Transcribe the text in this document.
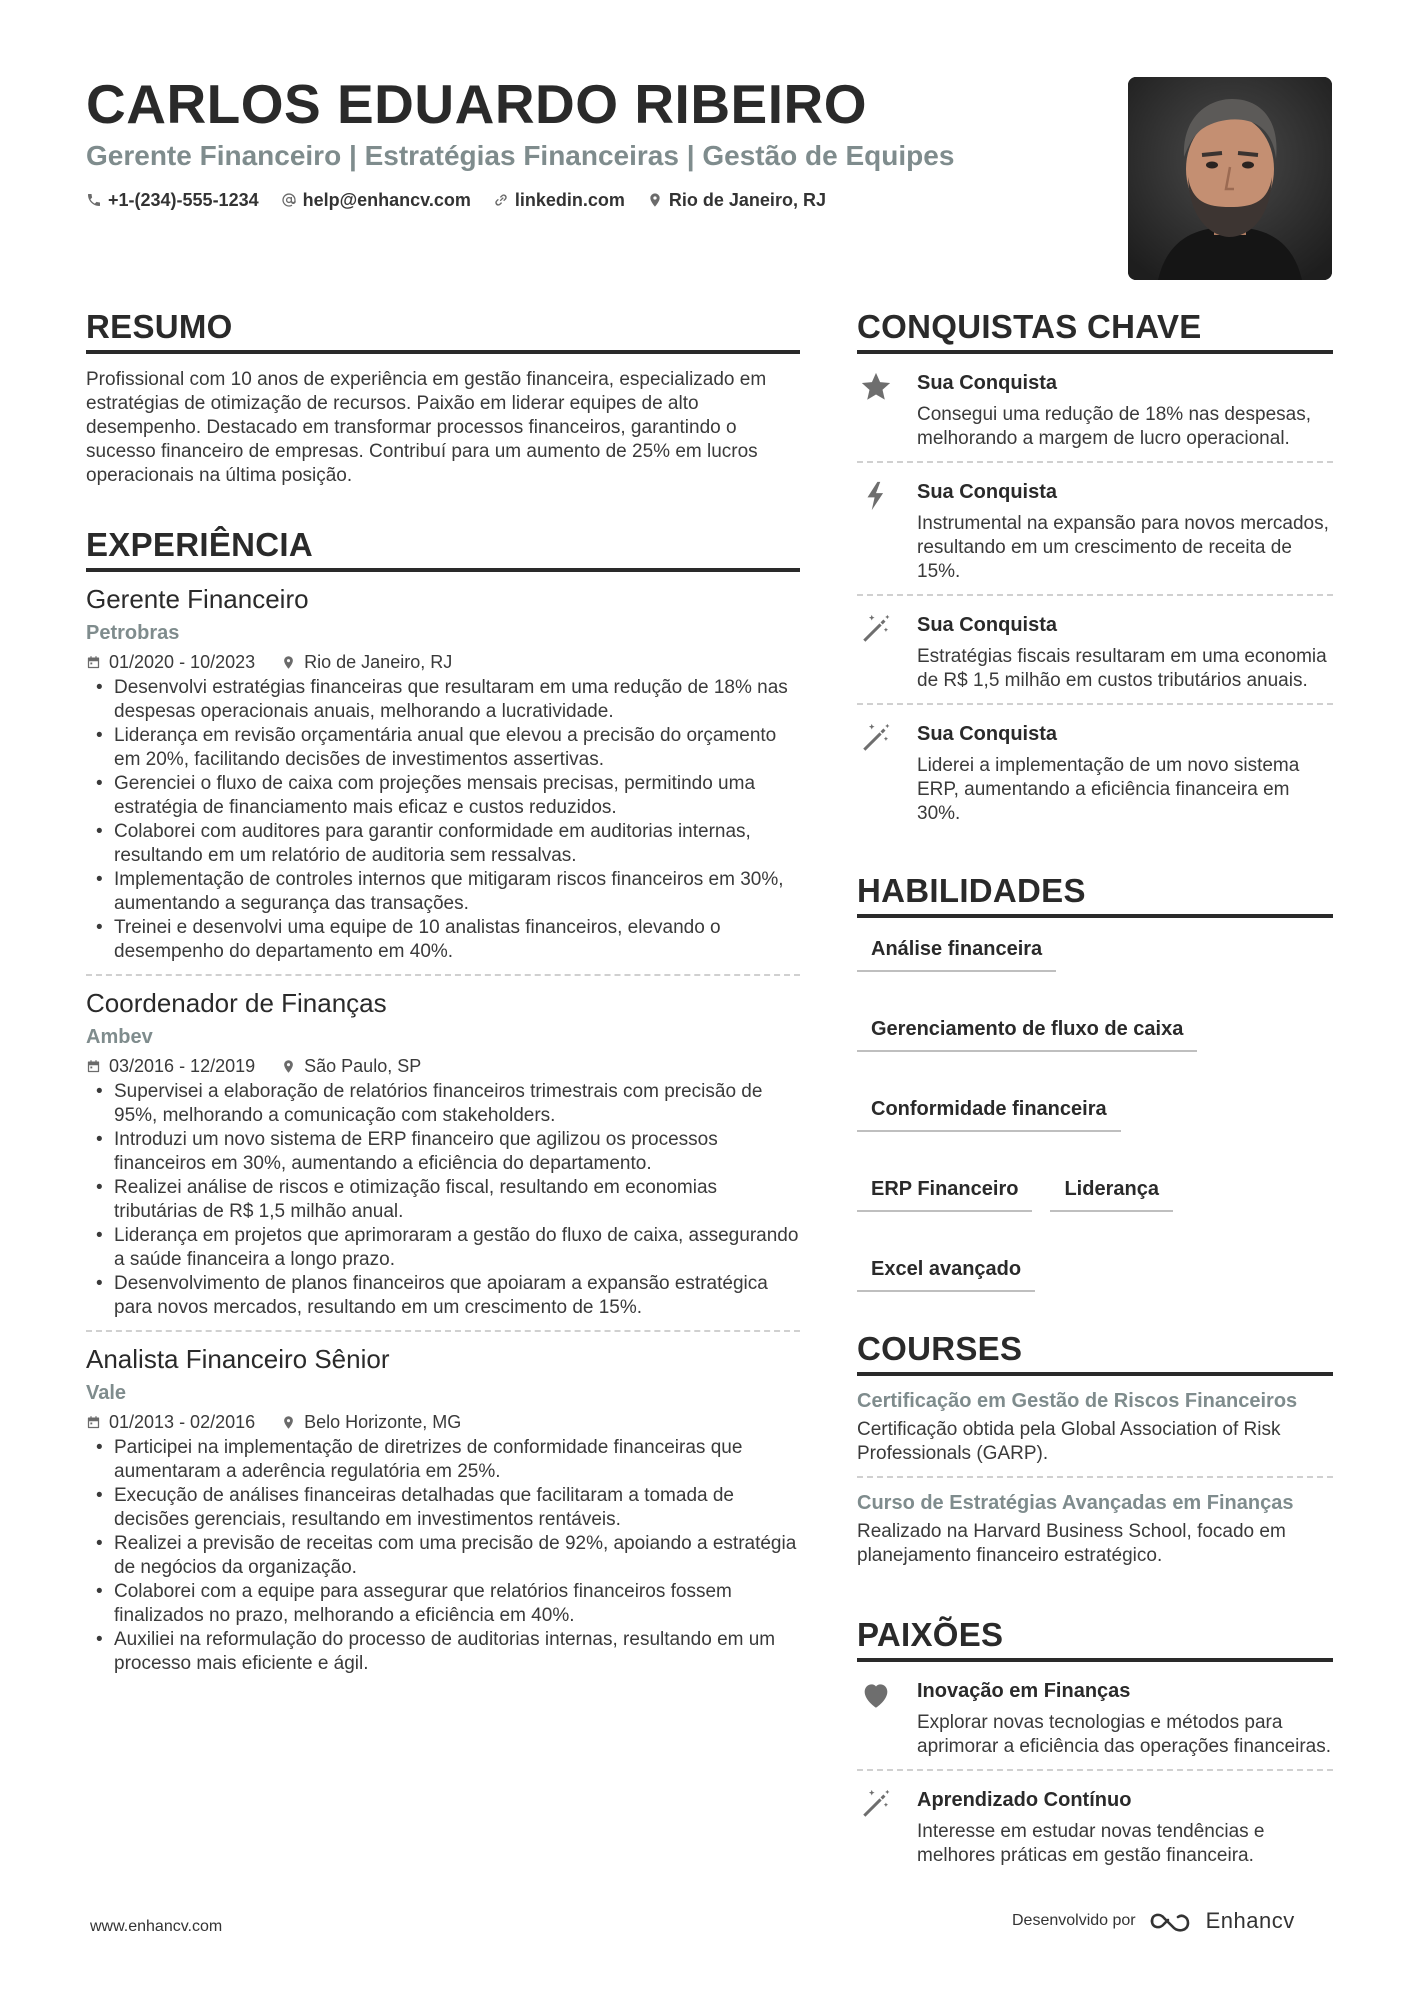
CARLOS EDUARDO RIBEIRO
Gerente Financeiro | Estratégias Financeiras | Gestão de Equipes
+1-(234)-555-1234 help@enhancv.com linkedin.com Rio de Janeiro, RJ
RESUMO

Profissional com 10 anos de experiência em gestão financeira, especializado em estratégias de otimização de recursos. Paixão em liderar equipes de alto desempenho. Destacado em transformar processos financeiros, garantindo o sucesso financeiro de empresas. Contribuí para um aumento de 25% em lucros operacionais na última posição.

EXPERIÊNCIA
Gerente Financeiro
Petrobras
01/2020 - 10/2023	Rio de Janeiro, RJ
• Desenvolvi estratégias financeiras que resultaram em uma redução de 18% nas despesas operacionais anuais, melhorando a lucratividade.
• Liderança em revisão orçamentária anual que elevou a precisão do orçamento em 20%, facilitando decisões de investimentos assertivas.
• Gerenciei o fluxo de caixa com projeções mensais precisas, permitindo uma estratégia de financiamento mais eficaz e custos reduzidos.
• Colaborei com auditores para garantir conformidade em auditorias internas, resultando em um relatório de auditoria sem ressalvas.
• Implementação de controles internos que mitigaram riscos financeiros em 30%, aumentando a segurança das transações.
• Treinei e desenvolvi uma equipe de 10 analistas financeiros, elevando o desempenho do departamento em 40%.
Coordenador de Finanças
Ambev
03/2016 - 12/2019	São Paulo, SP
• Supervisei a elaboração de relatórios financeiros trimestrais com precisão de 95%, melhorando a comunicação com stakeholders.
• Introduzi um novo sistema de ERP financeiro que agilizou os processos financeiros em 30%, aumentando a eficiência do departamento.
• Realizei análise de riscos e otimização fiscal, resultando em economias tributárias de R$ 1,5 milhão anual.
• Liderança em projetos que aprimoraram a gestão do fluxo de caixa, assegurando a saúde financeira a longo prazo.
• Desenvolvimento de planos financeiros que apoiaram a expansão estratégica para novos mercados, resultando em um crescimento de 15%.
Analista Financeiro Sênior
Vale
01/2013 - 02/2016	Belo Horizonte, MG
• Participei na implementação de diretrizes de conformidade financeiras que aumentaram a aderência regulatória em 25%.
• Execução de análises financeiras detalhadas que facilitaram a tomada de decisões gerenciais, resultando em investimentos rentáveis.
• Realizei a previsão de receitas com uma precisão de 92%, apoiando a estratégia de negócios da organização.
• Colaborei com a equipe para assegurar que relatórios financeiros fossem finalizados no prazo, melhorando a eficiência em 40%.
• Auxiliei na reformulação do processo de auditorias internas, resultando em um processo mais eficiente e ágil.
CONQUISTAS CHAVE
Sua Conquista
Consegui uma redução de 18% nas despesas, melhorando a margem de lucro operacional.
Sua Conquista
Instrumental na expansão para novos mercados, resultando em um crescimento de receita de 15%.
Sua Conquista
Estratégias fiscais resultaram em uma economia de R$ 1,5 milhão em custos tributários anuais.
Sua Conquista
Liderei a implementação de um novo sistema ERP, aumentando a eficiência financeira em 30%.
HABILIDADES
Análise financeira
Gerenciamento de fluxo de caixa
Conformidade financeira
ERP Financeiro	Liderança
Excel avançado
COURSES
Certificação em Gestão de Riscos Financeiros
Certificação obtida pela Global Association of Risk Professionals (GARP).
Curso de Estratégias Avançadas em Finanças
Realizado na Harvard Business School, focado em planejamento financeiro estratégico.
PAIXÕES
Inovação em Finanças
Explorar novas tecnologias e métodos para aprimorar a eficiência das operações financeiras.
Aprendizado Contínuo
Interesse em estudar novas tendências e melhores práticas em gestão financeira.
www.enhancv.com	Desenvolvido por	Enhancv
